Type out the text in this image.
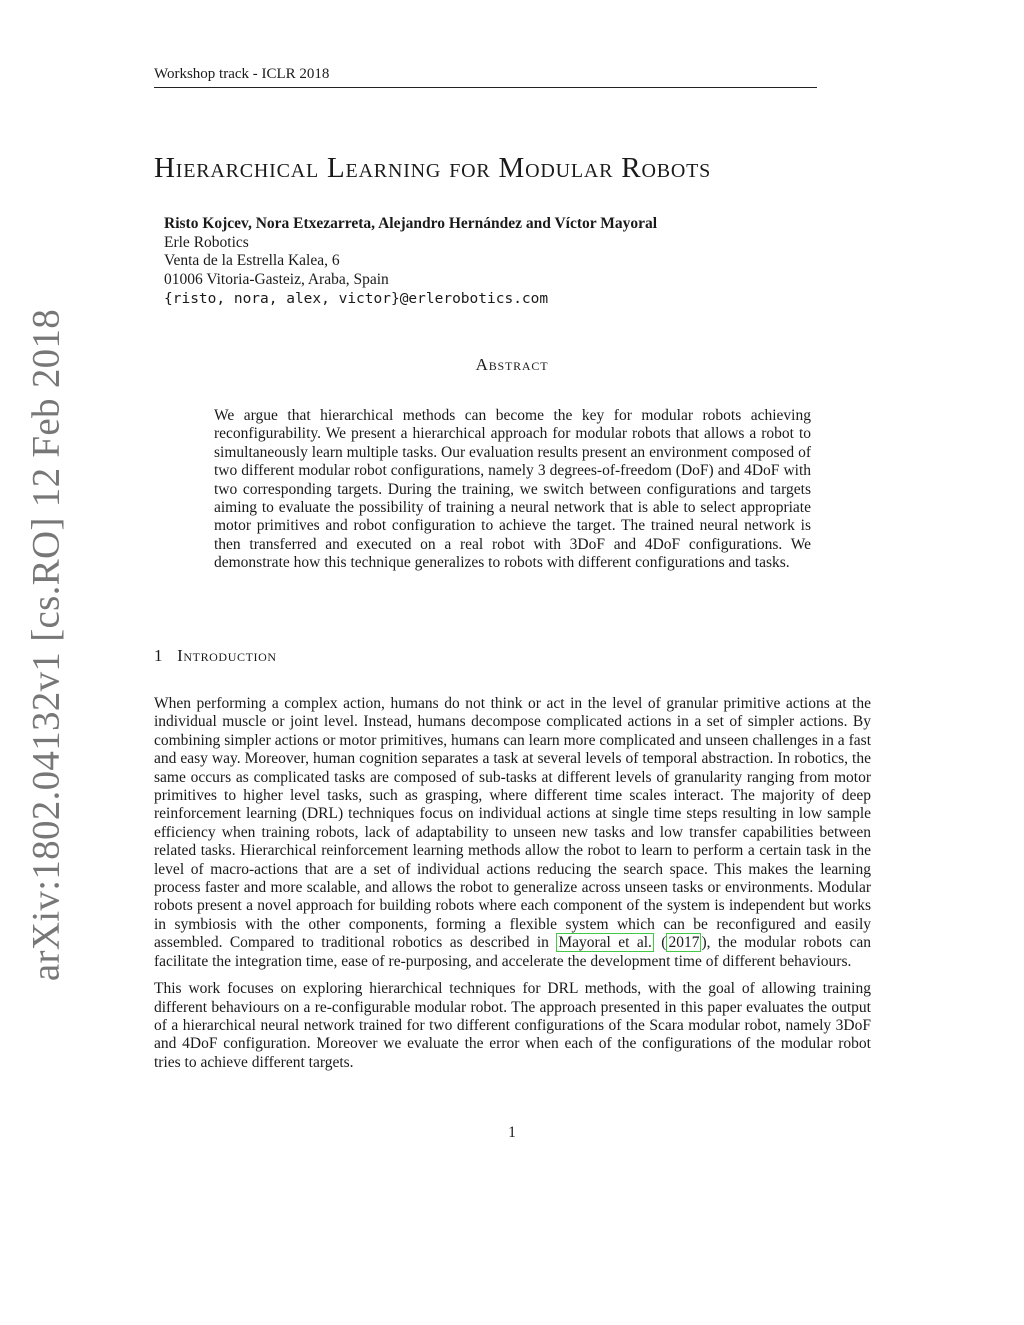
Workshop track - ICLR 2018
arXiv:1802.04132v1 [cs.RO] 12 Feb 2018
Hierarchical Learning for Modular Robots
Risto Kojcev, Nora Etxezarreta, Alejandro Hernández and Víctor Mayoral
Erle Robotics
Venta de la Estrella Kalea, 6
01006 Vitoria-Gasteiz, Araba, Spain
{risto, nora, alex, victor}@erlerobotics.com
Abstract

We argue that hierarchical methods can become the key for modular robots achieving reconfigurability. We present a hierarchical approach for modular robots that allows a robot to simultaneously learn multiple tasks. Our evaluation results present an environment composed of two different modular robot configurations, namely 3 degrees-of-freedom (DoF) and 4DoF with two corresponding targets. During the training, we switch between configurations and targets aiming to evaluate the possibility of training a neural network that is able to select appropriate motor primitives and robot configuration to achieve the target. The trained neural network is then transferred and executed on a real robot with 3DoF and 4DoF configurations. We demonstrate how this technique generalizes to robots with different configurations and tasks.

1 Introduction

When performing a complex action, humans do not think or act in the level of granular primitive actions at the individual muscle or joint level. Instead, humans decompose complicated actions in a set of simpler actions. By combining simpler actions or motor primitives, humans can learn more complicated and unseen challenges in a fast and easy way. Moreover, human cognition separates a task at several levels of temporal abstraction. In robotics, the same occurs as complicated tasks are composed of sub-tasks at different levels of granularity ranging from motor primitives to higher level tasks, such as grasping, where different time scales interact. The majority of deep reinforcement learning (DRL) techniques focus on individual actions at single time steps resulting in low sample efficiency when training robots, lack of adaptability to unseen new tasks and low transfer capabilities between related tasks. Hierarchical reinforcement learning methods allow the robot to learn to perform a certain task in the level of macro-actions that are a set of individual actions reducing the search space. This makes the learning process faster and more scalable, and allows the robot to generalize across unseen tasks or environments. Modular robots present a novel approach for building robots where each component of the system is independent but works in symbiosis with the other components, forming a flexible system which can be reconfigured and easily assembled. Compared to traditional robotics as described in Mayoral et al. ( 2017 ), the modular robots can facilitate the integration time, ease of re-purposing, and accelerate the development time of different behaviours.

This work focuses on exploring hierarchical techniques for DRL methods, with the goal of allowing training different behaviours on a re-configurable modular robot. The approach presented in this paper evaluates the output of a hierarchical neural network trained for two different configurations of the Scara modular robot, namely 3DoF and 4DoF configuration. Moreover we evaluate the error when each of the configurations of the modular robot tries to achieve different targets.

1
